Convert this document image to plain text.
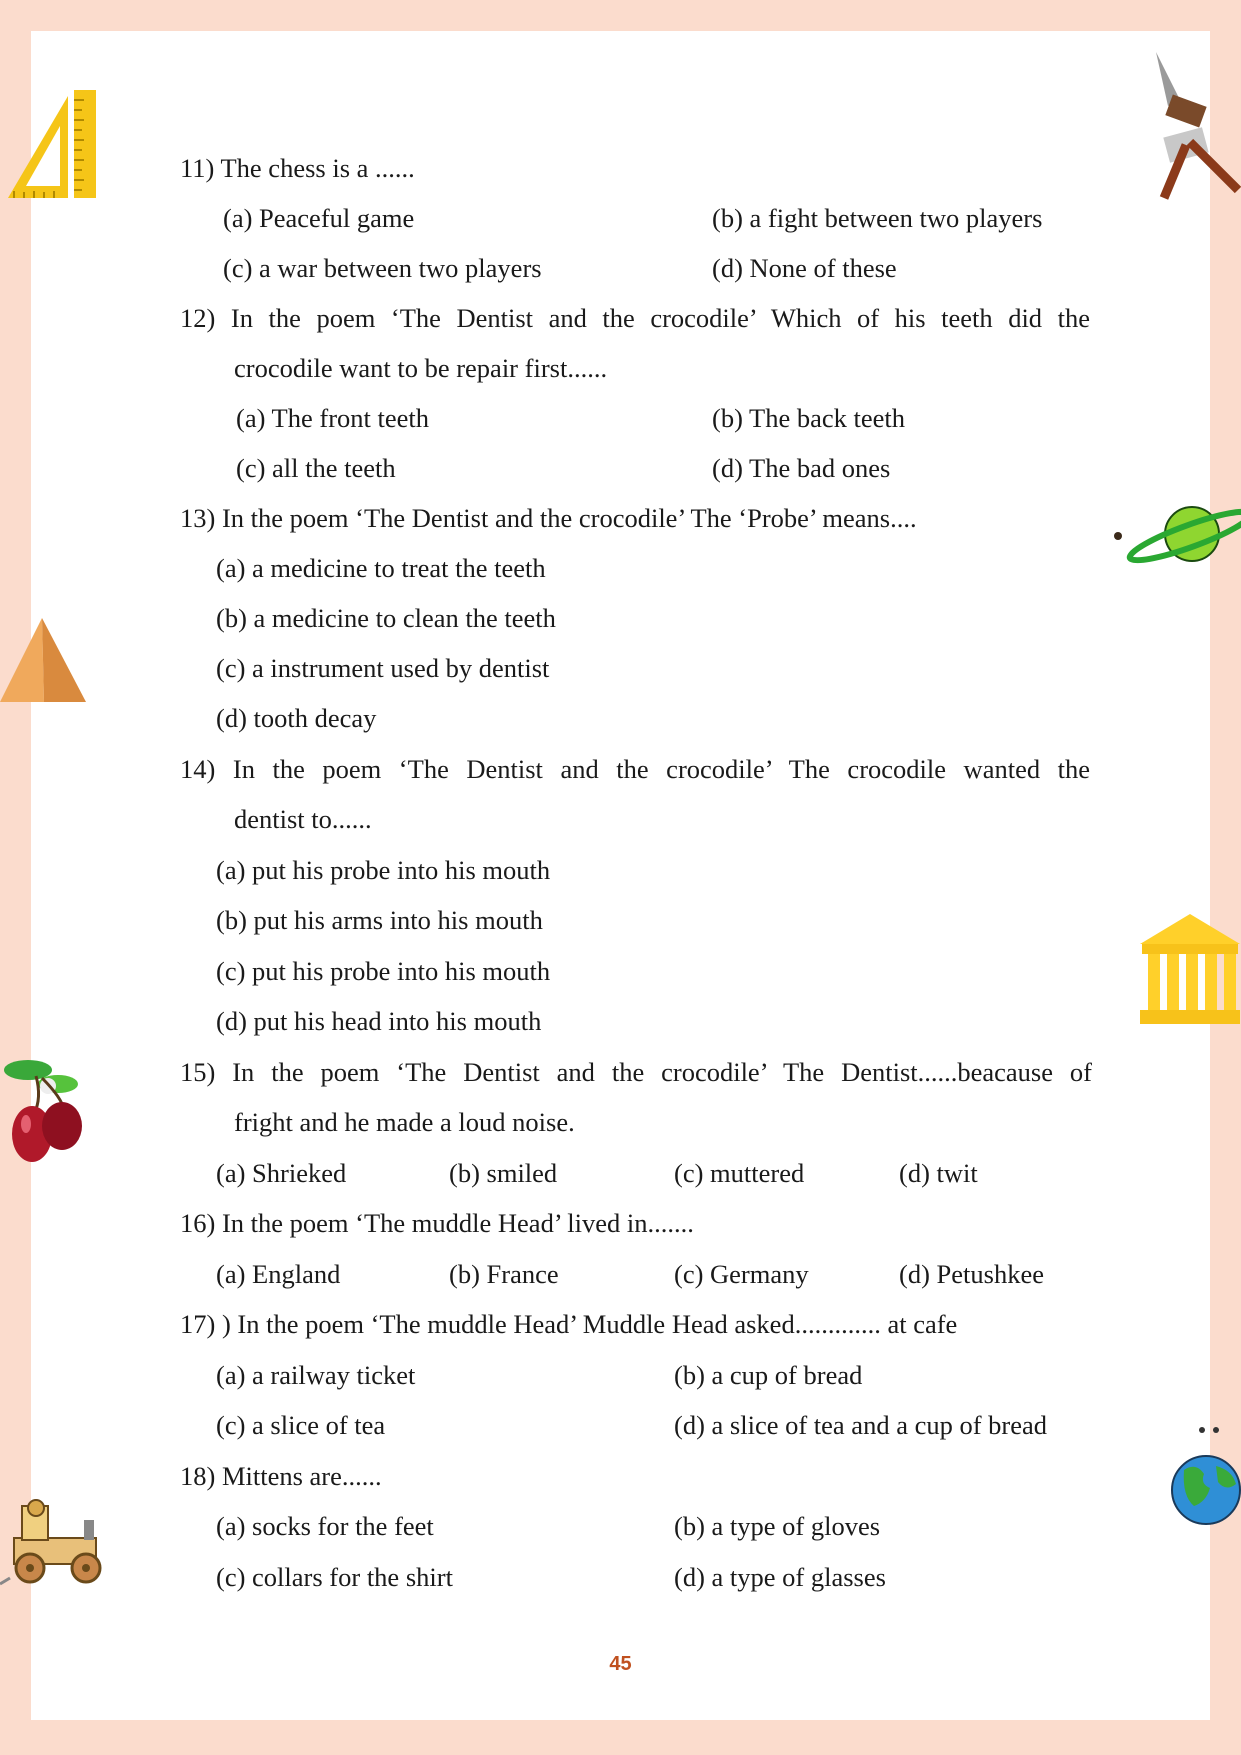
11) The chess is a ......
(a) Peaceful game	(b) a fight between two players
(c) a war between two players	(d) None of these
12) In the poem ‘The Dentist and the crocodile’ Which of his teeth did the
crocodile want to be repair first......
(a) The front teeth	(b) The back teeth
(c) all the teeth	(d) The bad ones
13) In the poem ‘The Dentist and the crocodile’ The ‘Probe’ means....
(a) a medicine to treat the teeth
(b) a medicine to clean the teeth
(c) a instrument used by dentist
(d) tooth decay
14) In the poem ‘The Dentist and the crocodile’ The crocodile wanted the
dentist to......
(a) put his probe into his mouth
(b) put his arms into his mouth
(c) put his probe into his mouth
(d) put his head into his mouth
15) In the poem ‘The Dentist and the crocodile’ The Dentist......beacause of
fright and he made a loud noise.
(a) Shrieked	(b) smiled	(c) muttered	(d) twit
16) In the poem ‘The muddle Head’ lived in.......
(a) England	(b) France	(c) Germany	(d) Petushkee
17) ) In the poem ‘The muddle Head’ Muddle Head asked............. at cafe
(a) a railway ticket	(b) a cup of bread
(c) a slice of tea	(d) a slice of tea and a cup of bread
18) Mittens are......
(a) socks for the feet	(b) a type of gloves
(c) collars for the shirt	(d) a type of glasses
45
